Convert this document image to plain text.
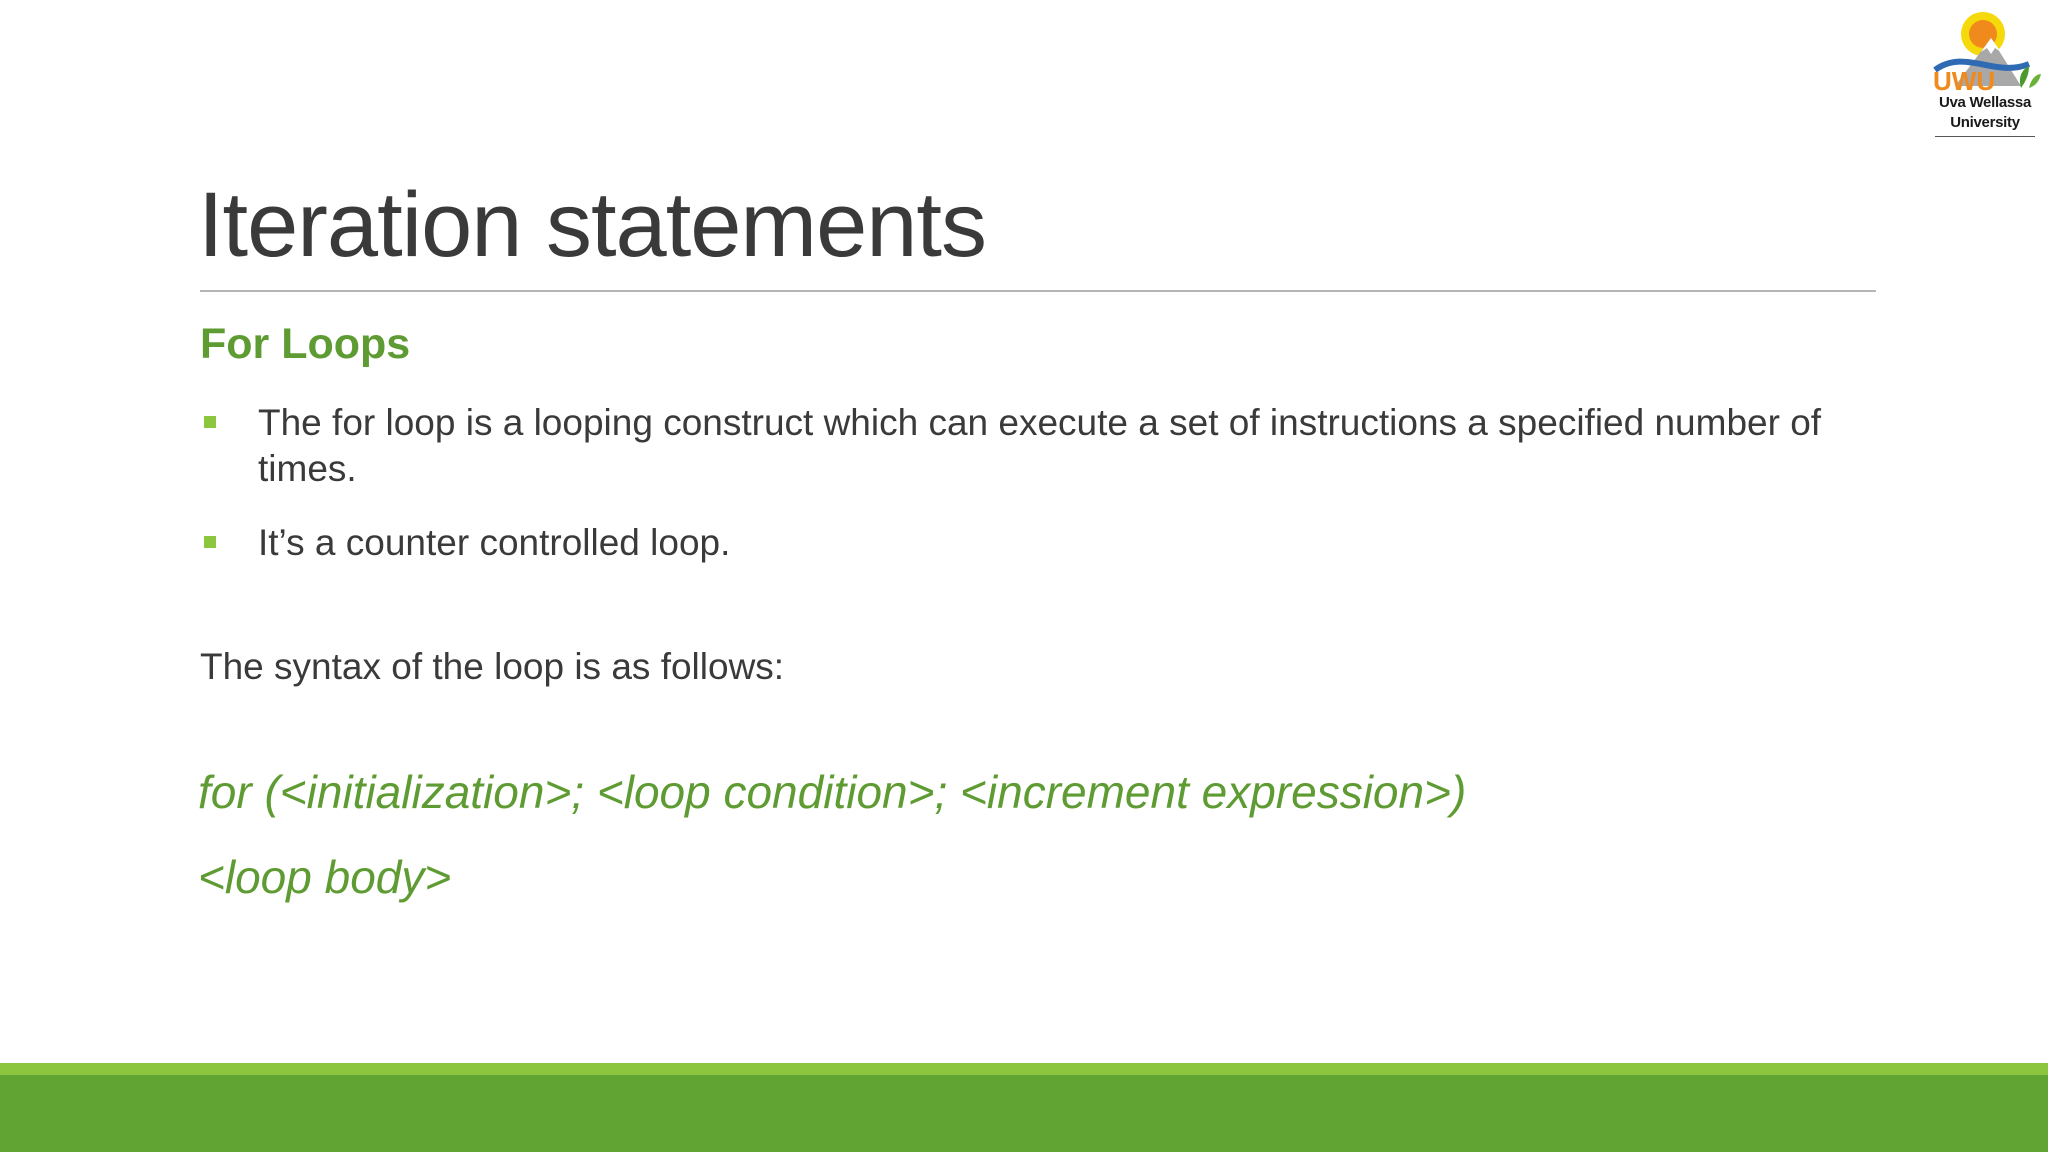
UWU
Uva Wellassa
University
Iteration statements
For Loops
The for loop is a looping construct which can execute a set of instructions a specified number of times.
It’s a counter controlled loop.
The syntax of the loop is as follows:
for (<initialization>; <loop condition>; <increment expression>)
<loop body>
